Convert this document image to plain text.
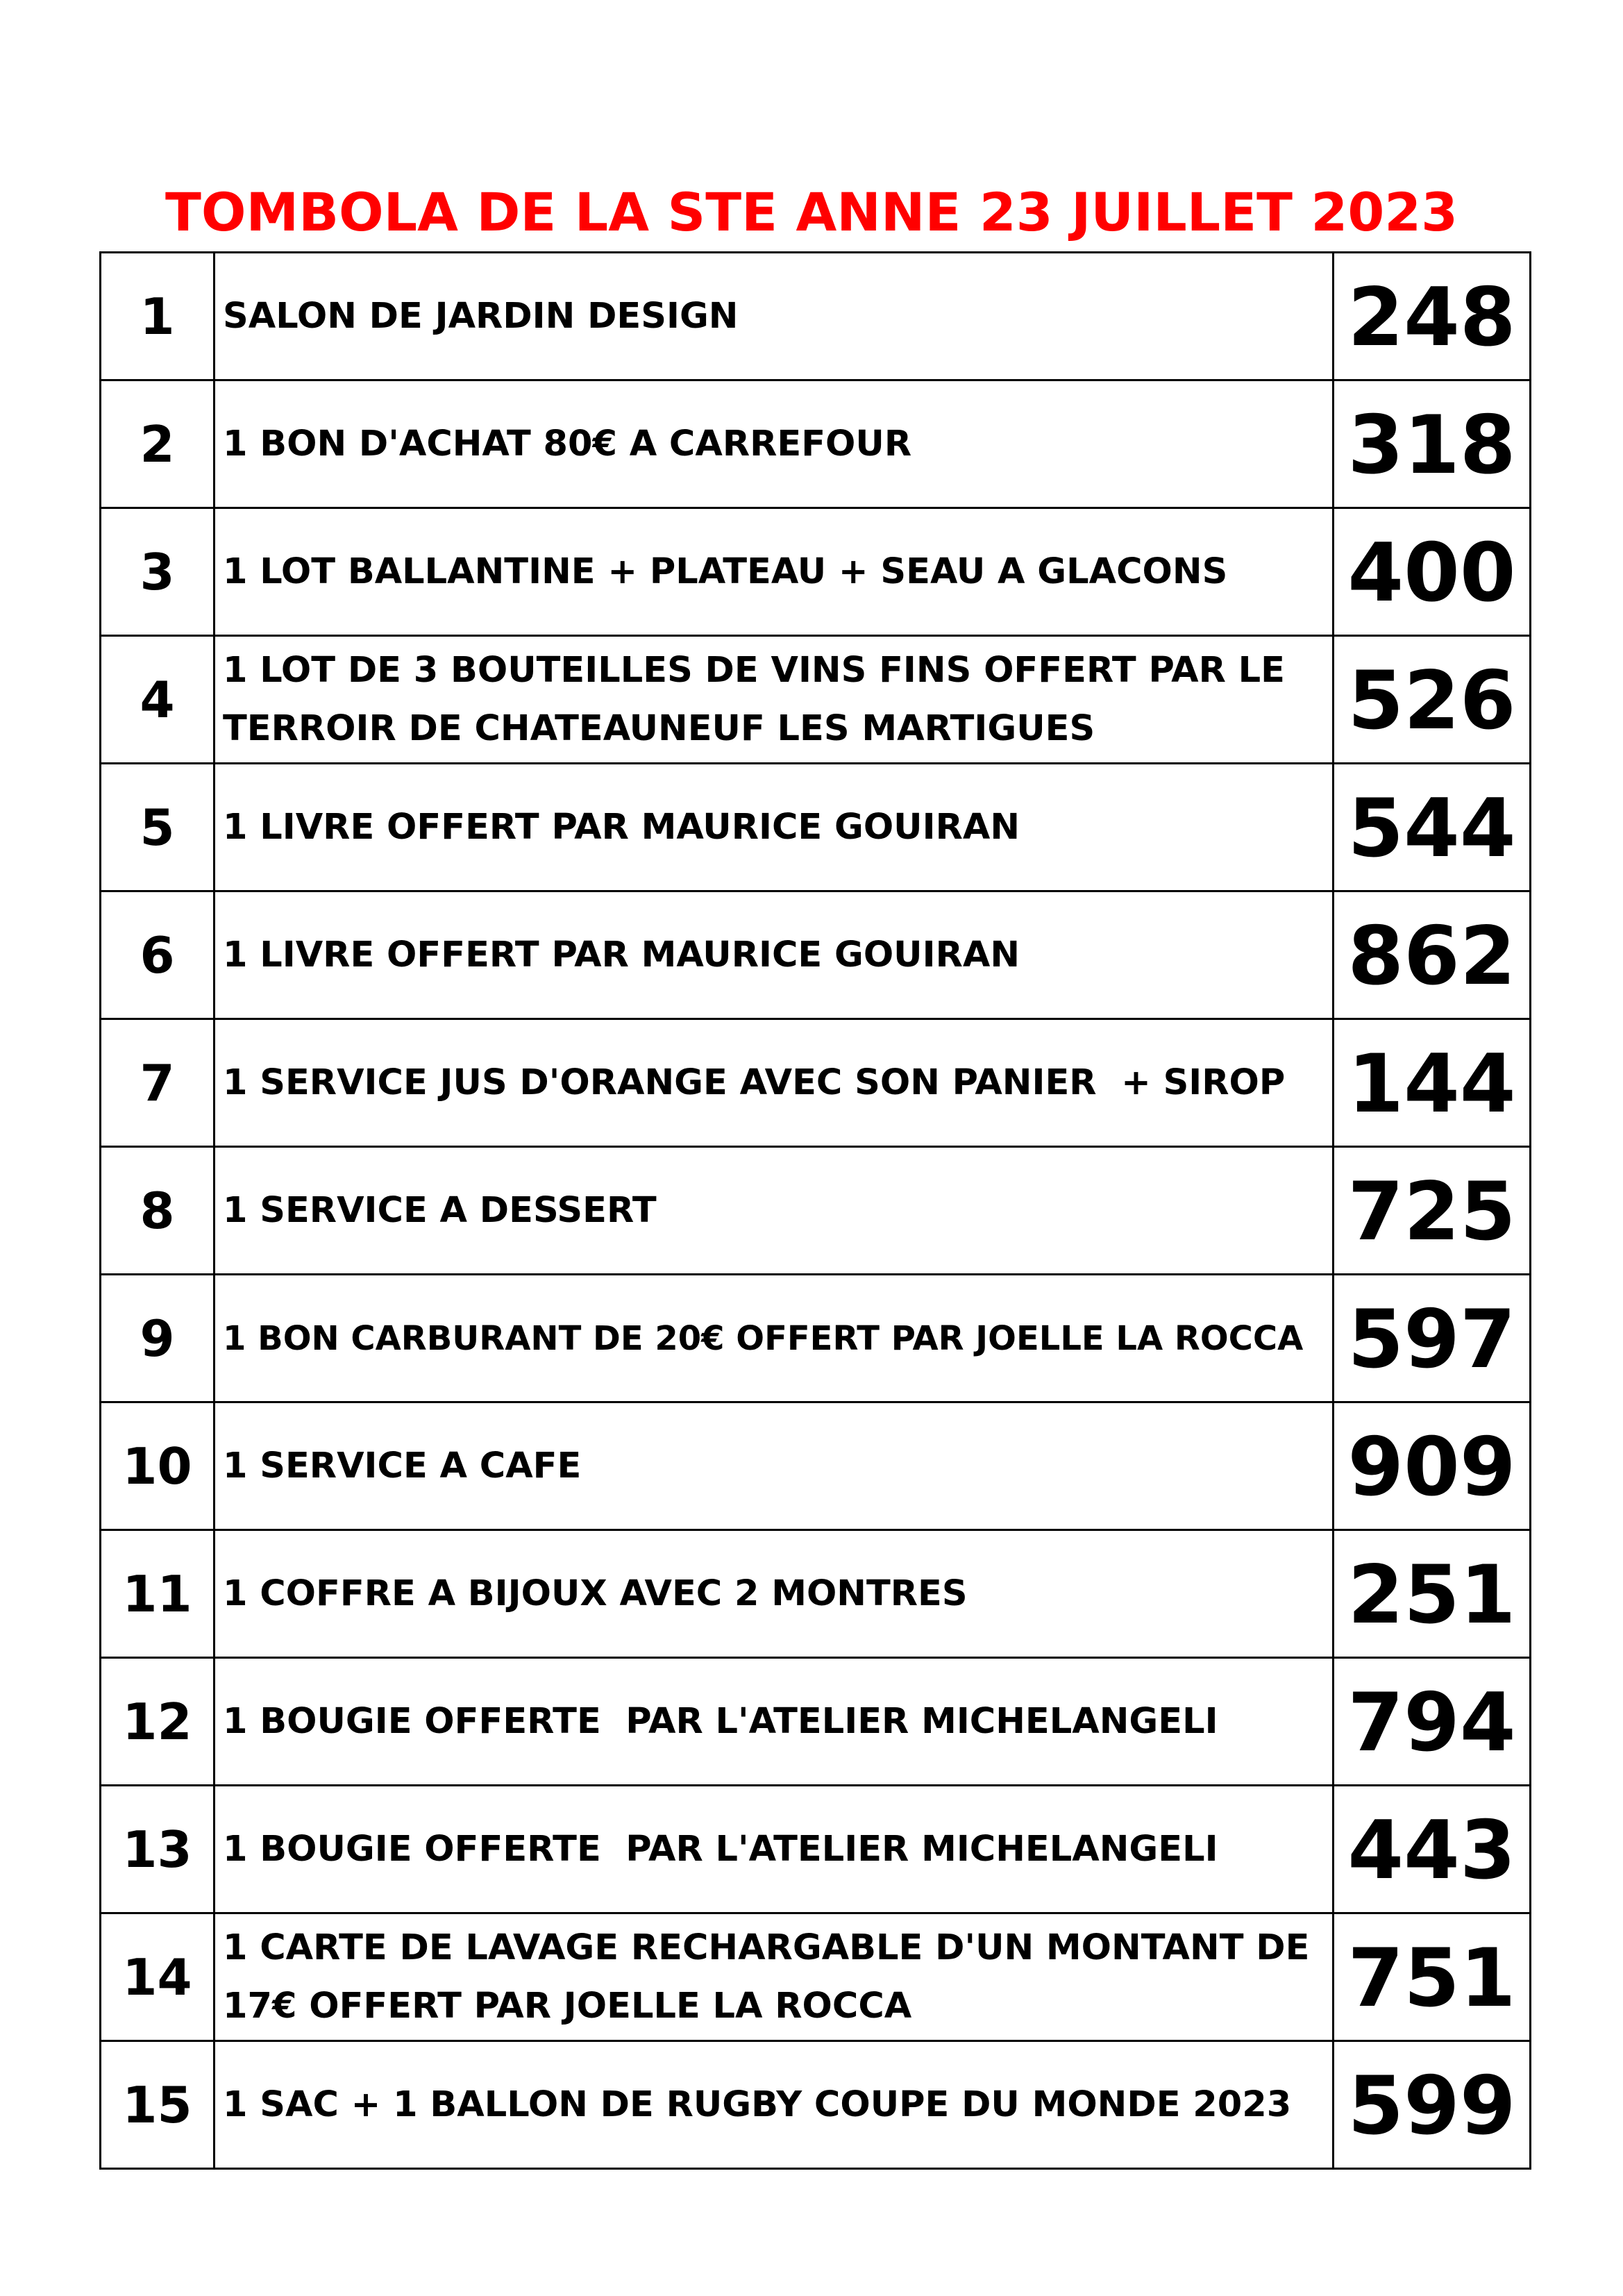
TOMBOLA DE LA STE ANNE 23 JUILLET 2023
1	SALON DE JARDIN DESIGN	248
2	1 BON D'ACHAT 80€ A CARREFOUR	318
3	1 LOT BALLANTINE + PLATEAU + SEAU A GLACONS	400
4	1 LOT DE 3 BOUTEILLES DE VINS FINS OFFERT PAR LE TERROIR DE CHATEAUNEUF LES MARTIGUES	526
5	1 LIVRE OFFERT PAR MAURICE GOUIRAN	544
6	1 LIVRE OFFERT PAR MAURICE GOUIRAN	862
7	1 SERVICE JUS D'ORANGE AVEC SON PANIER  + SIROP	144
8	1 SERVICE A DESSERT	725
9	1 BON CARBURANT DE 20€ OFFERT PAR JOELLE LA ROCCA	597
10	1 SERVICE A CAFE	909
11	1 COFFRE A BIJOUX AVEC 2 MONTRES	251
12	1 BOUGIE OFFERTE  PAR L'ATELIER MICHELANGELI	794
13	1 BOUGIE OFFERTE  PAR L'ATELIER MICHELANGELI	443
14	1 CARTE DE LAVAGE RECHARGABLE D'UN MONTANT DE 17€ OFFERT PAR JOELLE LA ROCCA	751
15	1 SAC + 1 BALLON DE RUGBY COUPE DU MONDE 2023	599
